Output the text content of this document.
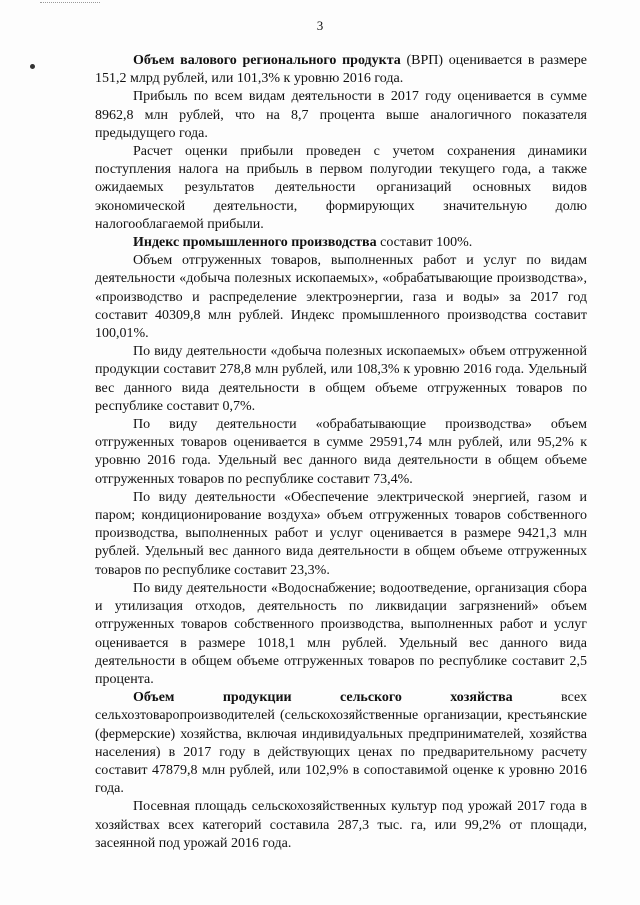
3

Объем валового регионального продукта (ВРП) оценивается в размере 151,2 млрд рублей, или 101,3% к уровню 2016 года.

Прибыль по всем видам деятельности в 2017 году оценивается в сумме 8962,8 млн рублей, что на 8,7 процента выше аналогичного показателя предыдущего года.

Расчет оценки прибыли проведен с учетом сохранения динамики поступления налога на прибыль в первом полугодии текущего года, а также ожидаемых результатов деятельности организаций основных видов экономической деятельности, формирующих значительную долю налогооблагаемой прибыли.

Индекс промышленного производства составит 100%.

Объем отгруженных товаров, выполненных работ и услуг по видам деятельности «добыча полезных ископаемых», «обрабатывающие производства», «производство и распределение электроэнергии, газа и воды» за 2017 год составит 40309,8 млн рублей. Индекс промышленного производства составит 100,01%.

По виду деятельности «добыча полезных ископаемых» объем отгруженной продукции составит 278,8 млн рублей, или 108,3% к уровню 2016 года. Удельный вес данного вида деятельности в общем объеме отгруженных товаров по республике составит 0,7%.

По виду деятельности «обрабатывающие производства» объем отгруженных товаров оценивается в сумме 29591,74 млн рублей, или 95,2% к уровню 2016 года. Удельный вес данного вида деятельности в общем объеме отгруженных товаров по республике составит 73,4%.

По виду деятельности «Обеспечение электрической энергией, газом и паром; кондиционирование воздуха» объем отгруженных товаров собственного производства, выполненных работ и услуг оценивается в размере 9421,3 млн рублей. Удельный вес данного вида деятельности в общем объеме отгруженных товаров по республике составит 23,3%.

По виду деятельности «Водоснабжение; водоотведение, организация сбора и утилизация отходов, деятельность по ликвидации загрязнений» объем отгруженных товаров собственного производства, выполненных работ и услуг оценивается в размере 1018,1 млн рублей. Удельный вес данного вида деятельности в общем объеме отгруженных товаров по республике составит 2,5 процента.

Объем продукции сельского хозяйства всех сельхозтоваропроизводителей (сельскохозяйственные организации, крестьянские (фермерские) хозяйства, включая индивидуальных предпринимателей, хозяйства населения) в 2017 году в действующих ценах по предварительному расчету составит 47879,8 млн рублей, или 102,9% в сопоставимой оценке к уровню 2016 года.

Посевная площадь сельскохозяйственных культур под урожай 2017 года в хозяйствах всех категорий составила 287,3 тыс. га, или 99,2% от площади, засеянной под урожай 2016 года.
